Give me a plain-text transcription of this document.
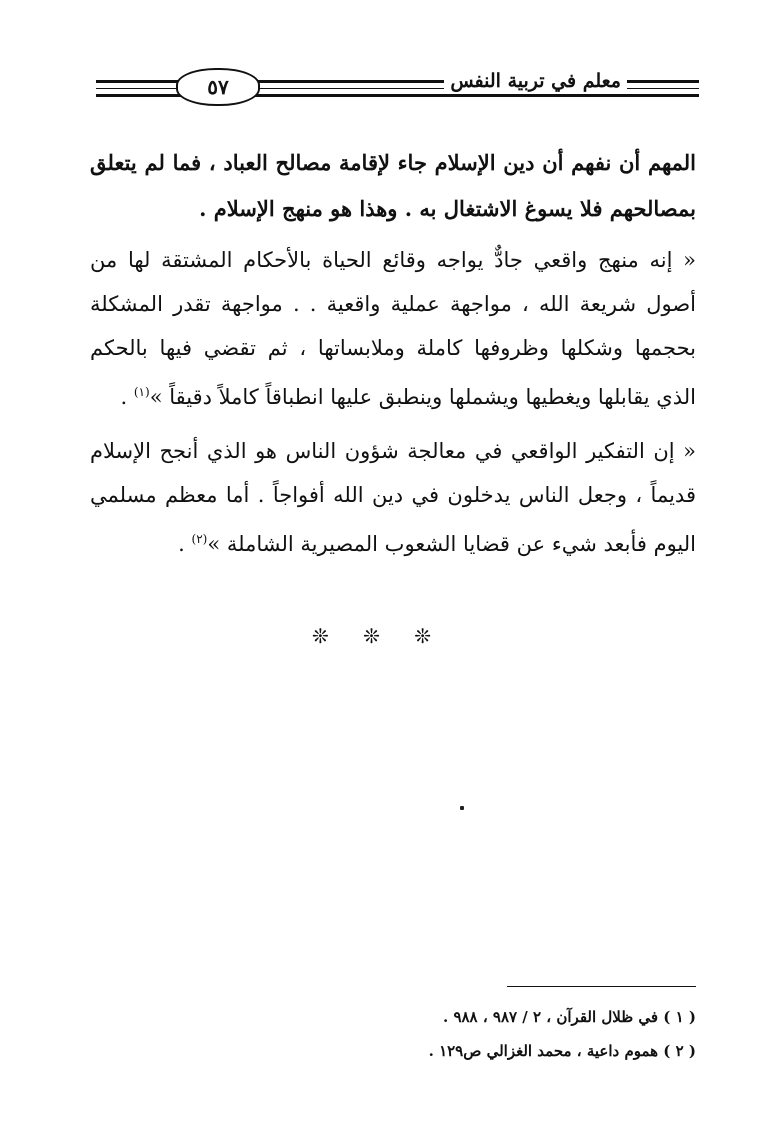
معلم في تربية النفس
٥٧

المهم أن نفهم أن دين الإسلام جاء لإقامة مصالح العباد ، فما لم يتعلق بمصالحهم فلا يسوغ الاشتغال به . وهذا هو منهج الإسلام .

« إنه منهج واقعي جادٌّ يواجه وقائع الحياة بالأحكام المشتقة لها من أصول شريعة الله ، مواجهة عملية واقعية . . مواجهة تقدر المشكلة بحجمها وشكلها وظروفها كاملة وملابساتها ، ثم تقضي فيها بالحكم الذي يقابلها ويغطيها ويشملها وينطبق عليها انطباقاً كاملاً دقيقاً »$^{(١)}$ .

« إن التفكير الواقعي في معالجة شؤون الناس هو الذي أنجح الإسلام قديماً ، وجعل الناس يدخلون في دين الله أفواجاً . أما معظم مسلمي اليوم فأبعد شيء عن قضايا الشعوب المصيرية الشاملة »$^{(٢)}$ .

❊ ❊ ❊
( ١ ) في ظلال القرآن ، ٢ / ٩٨٧ ، ٩٨٨ .
( ٢ ) هموم داعية ، محمد الغزالي ص١٢٩ .
